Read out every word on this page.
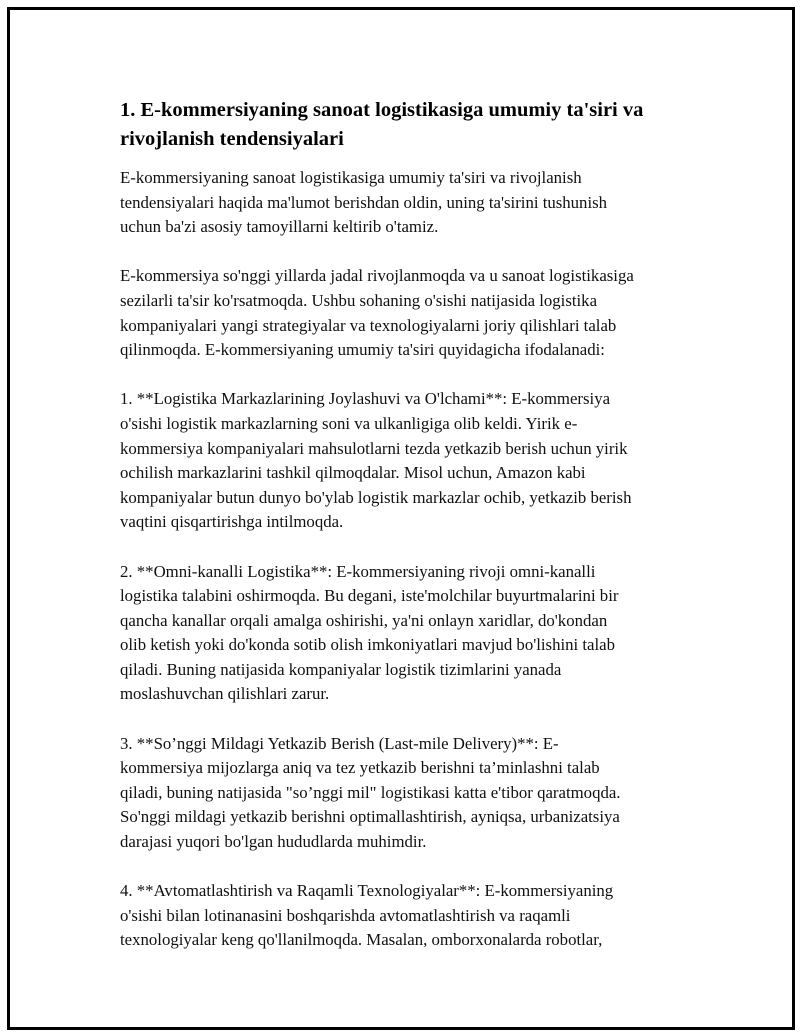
1. E-kommersiyaning sanoat logistikasiga umumiy ta'siri va
rivojlanish tendensiyalari

E-kommersiyaning sanoat logistikasiga umumiy ta'siri va rivojlanish
tendensiyalari haqida ma'lumot berishdan oldin, uning ta'sirini tushunish
uchun ba'zi asosiy tamoyillarni keltirib o'tamiz.

E-kommersiya so'nggi yillarda jadal rivojlanmoqda va u sanoat logistikasiga
sezilarli ta'sir ko'rsatmoqda. Ushbu sohaning o'sishi natijasida logistika
kompaniyalari yangi strategiyalar va texnologiyalarni joriy qilishlari talab
qilinmoqda. E-kommersiyaning umumiy ta'siri quyidagicha ifodalanadi:

1. **Logistika Markazlarining Joylashuvi va O'lchami**: E-kommersiya
o'sishi logistik markazlarning soni va ulkanligiga olib keldi. Yirik e-
kommersiya kompaniyalari mahsulotlarni tezda yetkazib berish uchun yirik
ochilish markazlarini tashkil qilmoqdalar. Misol uchun, Amazon kabi
kompaniyalar butun dunyo bo'ylab logistik markazlar ochib, yetkazib berish
vaqtini qisqartirishga intilmoqda.

2. **Omni-kanalli Logistika**: E-kommersiyaning rivoji omni-kanalli
logistika talabini oshirmoqda. Bu degani, iste'molchilar buyurtmalarini bir
qancha kanallar orqali amalga oshirishi, ya'ni onlayn xaridlar, do'kondan
olib ketish yoki do'konda sotib olish imkoniyatlari mavjud bo'lishini talab
qiladi. Buning natijasida kompaniyalar logistik tizimlarini yanada
moslashuvchan qilishlari zarur.

3. **So’nggi Mildagi Yetkazib Berish (Last-mile Delivery)**: E-
kommersiya mijozlarga aniq va tez yetkazib berishni ta’minlashni talab
qiladi, buning natijasida "so’nggi mil" logistikasi katta e'tibor qaratmoqda.
So'nggi mildagi yetkazib berishni optimallashtirish, ayniqsa, urbanizatsiya
darajasi yuqori bo'lgan hududlarda muhimdir.

4. **Avtomatlashtirish va Raqamli Texnologiyalar**: E-kommersiyaning
o'sishi bilan lotinanasini boshqarishda avtomatlashtirish va raqamli
texnologiyalar keng qo'llanilmoqda. Masalan, omborxonalarda robotlar,
